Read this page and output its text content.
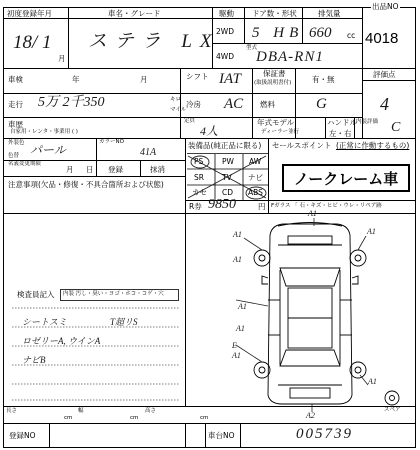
初度登録年月
18/ 1
月
車名・グレード
ステラ LX
駆動
2WD
4WD
ドア数・形状
5 HB
排気量
660 cc
型式
DBA-RN1
出品NO
4018
車検	年	月	シフト IAT	保証書
(取扱説明書付)	有・無
評価点
4
走行 5万 2千350	キロ
マイル
冷房 AC 燃料	G
車歴
自家用・レンタ・事業用 ( )
定員
4人
年式モデル
ディーラー並行
ハンドル
左・右
内装評価 C
外装色 パール
カラーNO
41A
色替
装備品(純正品に限る)
PS PW AW
SR TV ナビ
カセ CD ABS
セールスポイント (正常に作動するもの)
ノークレーム車
名義変更期限
月 日 登録	抹消
注意事項(欠品・修復・不具合箇所および状態)
R券 9850	円 Fガラス 「 石・キズ・ヒビ・ウレ・リペア跡
検査員記入 内装 汚し・臭い・ヨゴ・ホコ・コゲ・穴
シートスミ	T超リS
ロゼリーA, ウインA
ナビB
A1
A1	A1
A1
A1
A1
E
A1
A1
A2
スペア
長さ
cm
幅
cm
高さ
cm
登録NO	車台NO	005739
